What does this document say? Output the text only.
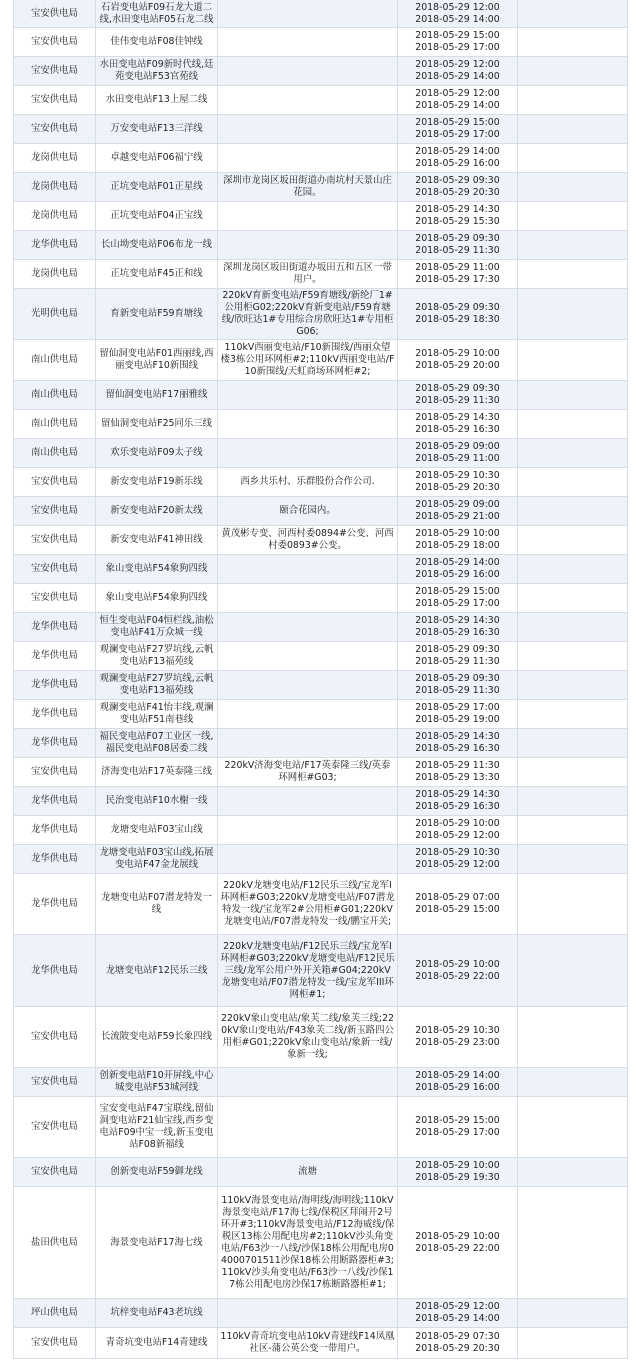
宝安供电局	石岩变电站F09石龙大道二线,水田变电站F05石龙二线		2018-05-29 12:00
2018-05-29 14:00	

宝安供电局	佳伟变电站F08佳钟线		2018-05-29 15:00
2018-05-29 17:00	

宝安供电局	水田变电站F09新时代线,廷苑变电站F53官苑线		2018-05-29 12:00
2018-05-29 14:00	

宝安供电局	水田变电站F13上屋二线		2018-05-29 12:00
2018-05-29 14:00	

宝安供电局	万安变电站F13三洋线		2018-05-29 15:00
2018-05-29 17:00	

龙岗供电局	卓越变电站F06福宁线		2018-05-29 14:00
2018-05-29 16:00	

龙岗供电局	正坑变电站F01正星线	深圳市龙岗区坂田街道办南坑村天景山庄花园。	2018-05-29 09:30
2018-05-29 20:30	

龙岗供电局	正坑变电站F04正宝线		2018-05-29 14:30
2018-05-29 15:30	

龙华供电局	长山坳变电站F06布龙一线		2018-05-29 09:30
2018-05-29 11:30	

龙岗供电局	正坑变电站F45正和线	深圳龙岗区坂田街道办坂田五和五区一带用户。	2018-05-29 11:00
2018-05-29 17:30	

光明供电局	育新变电站F59育塘线	220kV育新变电站/F59育塘线/新纶厂1#公用柜G02;220kV育新变电站/F59育塘线/欣旺达1#专用综合房欣旺达1#专用柜G06;	2018-05-29 09:30
2018-05-29 18:30	

南山供电局	留仙洞变电站F01西丽线,西丽变电站F10新围线	110kV西丽变电站/F10新围线/西丽众望楼3栋公用环网柜#2;110kV西丽变电站/F10新围线/天虹商场环网柜#2;	2018-05-29 10:00
2018-05-29 20:00	

南山供电局	留仙洞变电站F17丽雅线		2018-05-29 09:30
2018-05-29 11:30	

南山供电局	留仙洞变电站F25同乐三线		2018-05-29 14:30
2018-05-29 16:30	

南山供电局	欢乐变电站F09太子线		2018-05-29 09:00
2018-05-29 11:00	

宝安供电局	新安变电站F19新乐线	西乡共乐村、乐群股份合作公司.	2018-05-29 10:30
2018-05-29 20:30	

宝安供电局	新安变电站F20新太线	颐合花园内。	2018-05-29 09:00
2018-05-29 21:00	

宝安供电局	新安变电站F41神田线	黄茂彬专变、河西村委0894#公变、河西村委0893#公变。	2018-05-29 10:00
2018-05-29 18:00	

宝安供电局	象山变电站F54象狗四线		2018-05-29 14:00
2018-05-29 16:00	

宝安供电局	象山变电站F54象狗四线		2018-05-29 15:00
2018-05-29 17:00	

龙华供电局	恒生变电站F04恒栏线,油松变电站F41万众城一线		2018-05-29 14:30
2018-05-29 16:30	

龙华供电局	观澜变电站F27罗坑线,云帆变电站F13福苑线		2018-05-29 09:30
2018-05-29 11:30	

龙华供电局	观澜变电站F27罗坑线,云帆变电站F13福苑线		2018-05-29 09:30
2018-05-29 11:30	

龙华供电局	观澜变电站F41怡丰线,观澜变电站F51南巷线		2018-05-29 17:00
2018-05-29 19:00	

龙华供电局	福民变电站F07工业区一线,福民变电站F08居委二线		2018-05-29 14:30
2018-05-29 16:30	

宝安供电局	济海变电站F17英泰隆三线	220kV济海变电站/F17英泰隆三线/英泰环网柜#G03;	2018-05-29 11:30
2018-05-29 13:30	

龙华供电局	民治变电站F10水榭一线		2018-05-29 14:30
2018-05-29 16:30	

龙华供电局	龙塘变电站F03宝山线		2018-05-29 10:00
2018-05-29 12:00	

龙华供电局	龙塘变电站F03宝山线,拓展变电站F47金龙展线		2018-05-29 10:30
2018-05-29 12:00	

龙华供电局	龙塘变电站F07潜龙特发一线	220kV龙塘变电站/F12民乐三线/宝龙军I环网柜#G03;220kV龙塘变电站/F07潜龙特发一线/宝龙军2#公用柜#G01;220kV龙塘变电站/F07潜龙特发一线/鹏宝开关;	2018-05-29 07:00
2018-05-29 15:00	

龙华供电局	龙塘变电站F12民乐三线	220kV龙塘变电站/F12民乐三线/宝龙军I环网柜#G03;220kV龙塘变电站/F12民乐三线/龙军公用户外开关箱#G04;220kV龙塘变电站/F07潜龙特发一线/宝龙军III环网柜#1;	2018-05-29 10:00
2018-05-29 22:00	

宝安供电局	长流陂变电站F59长象四线	220kV象山变电站/象芙二线/象芙三线;220kV象山变电站/F43象芙二线/新玉路四公用柜#G01;220kV象山变电站/象新一线/象新一线;	2018-05-29 10:30
2018-05-29 23:00	

宝安供电局	创新变电站F10开屏线,中心城变电站F53城河线		2018-05-29 14:00
2018-05-29 16:00	

宝安供电局	宝安变电站F47宝联线,留仙洞变电站F21仙宝线,西乡变电站F09中宝一线,新玉变电站F08新福线		2018-05-29 15:00
2018-05-29 17:00	

宝安供电局	创新变电站F59御龙线	流塘	2018-05-29 10:00
2018-05-29 19:30	

盐田供电局	海景变电站F17海七线	110kV海景变电站/海明线/海明线;110kV海景变电站/F17海七线/保税区拜闹开2号环开#3;110kV海景变电站/F12海威线/保税区13栋公用配电房#2;110kV沙头角变电站/F63沙一八线/沙保18栋公用配电房04000701511沙保18栋公用断路器柜#3;110kV沙头角变电站/F63沙一八线/沙保17栋公用配电房沙保17栋断路器柜#1;	2018-05-29 10:00
2018-05-29 22:00	

坪山供电局	坑梓变电站F43老坑线		2018-05-29 12:00
2018-05-29 14:00	

宝安供电局	青奇坑变电站F14青建线	110kV青奇坑变电站10kV青建线F14凤凰社区-蒲公英公变一带用户。	2018-05-29 07:30
2018-05-29 20:30	
